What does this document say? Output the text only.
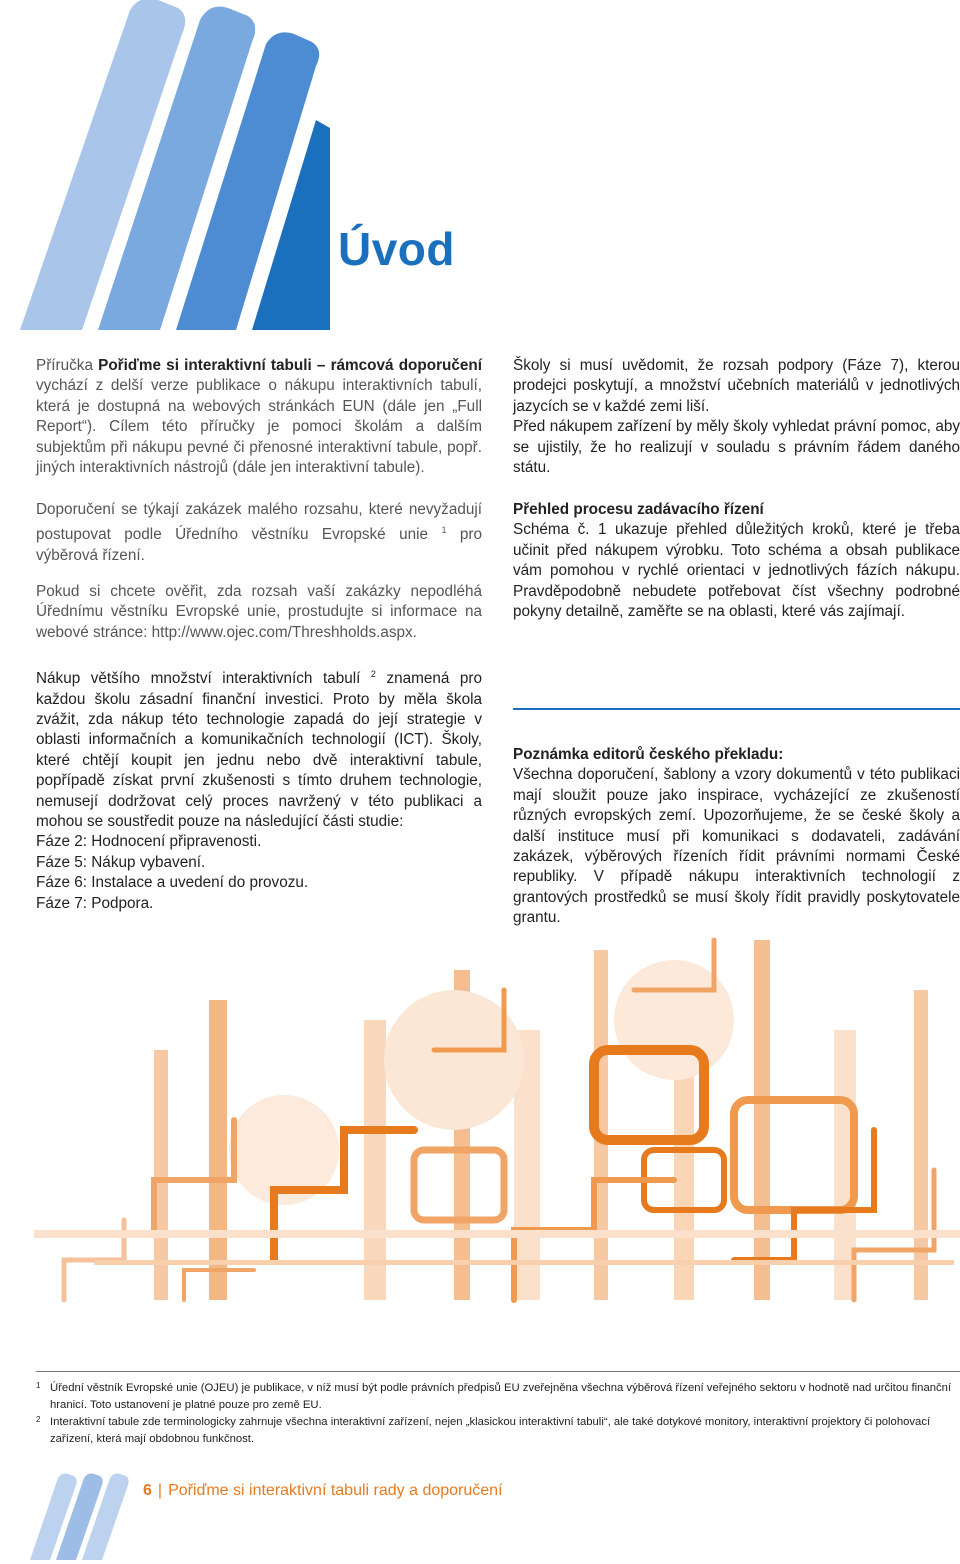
Úvod

Příručka Pořiďme si interaktivní tabuli – rámcová doporučení vychází z delší verze publikace o nákupu interaktivních tabulí, která je dostupná na webových stránkách EUN (dále jen „Full Report“). Cílem této příručky je pomoci školám a dalším subjektům při nákupu pevné či přenosné interaktivní tabule, popř. jiných interaktivních nástrojů (dále jen interaktivní tabule).

Doporučení se týkají zakázek malého rozsahu, které nevyžadují postupovat podle Úředního věstníku Evropské unie $^1$ pro výběrová řízení.

Pokud si chcete ověřit, zda rozsah vaší zakázky nepodléhá Úřednímu věstníku Evropské unie, prostudujte si informace na webové stránce: http://www.ojec.com/Threshholds.aspx.

Nákup většího množství interaktivních tabulí $^2$ znamená pro každou školu zásadní finanční investici. Proto by měla škola zvážit, zda nákup této technologie zapadá do její strategie v oblasti informačních a komunikačních technologií (ICT). Školy, které chtějí koupit jen jednu nebo dvě interaktivní tabule, popřípadě získat první zkušenosti s tímto druhem technologie, nemusejí dodržovat celý proces navržený v této publikaci a mohou se soustředit pouze na následující části studie:

Fáze 2: Hodnocení připravenosti.

Fáze 5: Nákup vybavení.

Fáze 6: Instalace a uvedení do provozu.

Fáze 7: Podpora.

Školy si musí uvědomit, že rozsah podpory (Fáze 7), kterou prodejci poskytují, a množství učebních materiálů v jednotlivých jazycích se v každé zemi liší.

Před nákupem zařízení by měly školy vyhledat právní pomoc, aby se ujistily, že ho realizují v souladu s právním řádem daného státu.

Přehled procesu zadávacího řízení

Schéma č. 1 ukazuje přehled důležitých kroků, které je třeba učinit před nákupem výrobku. Toto schéma a obsah publikace vám pomohou v rychlé orientaci v jednotlivých fázích nákupu. Pravděpodobně nebudete potřebovat číst všechny podrobné pokyny detailně, zaměřte se na oblasti, které vás zajímají.

Poznámka editorů českého překladu:

Všechna doporučení, šablony a vzory dokumentů v této publikaci mají sloužit pouze jako inspirace, vycházející ze zkušeností různých evropských zemí. Upozorňujeme, že se české školy a další instituce musí při komunikaci s dodavateli, zadávání zakázek, výběrových řízeních řídit právními normami České republiky. V případě nákupu interaktivních technologií z grantových prostředků se musí školy řídit pravidly poskytovatele grantu.

1 Úřední věstník Evropské unie (OJEU) je publikace, v níž musí být podle právních předpisů EU zveřejněna všechna výběrová řízení veřejného sektoru v hodnotě nad určitou finanční hranicí. Toto ustanovení je platné pouze pro země EU.
2 Interaktivní tabule zde terminologicky zahrnuje všechna interaktivní zařízení, nejen „klasickou interaktivní tabuli“, ale také dotykové monitory, interaktivní projektory či polohovací zařízení, která mají obdobnou funkčnost.
6 | Pořiďme si interaktivní tabuli rady a doporučení
